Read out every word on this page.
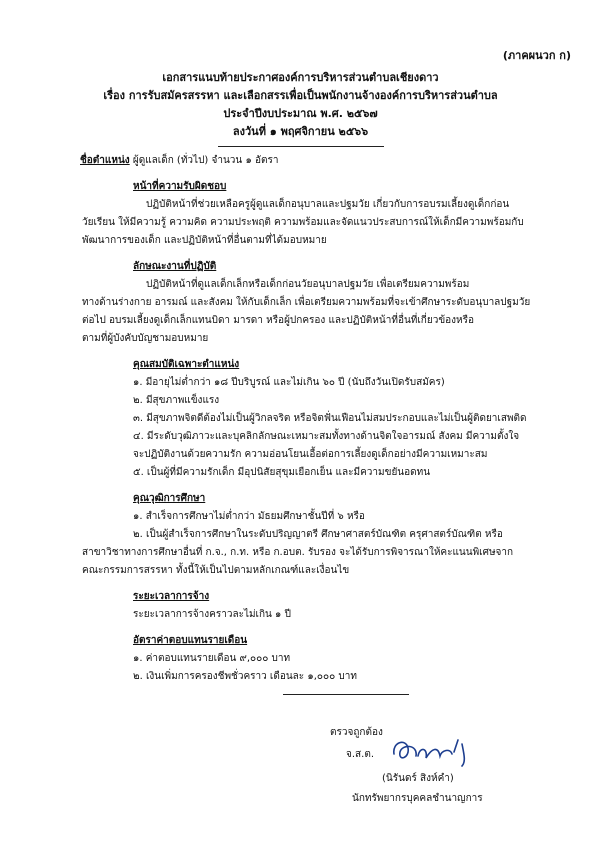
(ภาคผนวก ก)
เอกสารแนบท้ายประกาศองค์การบริหารส่วนตำบลเชียงดาว
เรื่อง การรับสมัครสรรหา และเลือกสรรเพื่อเป็นพนักงานจ้างองค์การบริหารส่วนตำบล
ประจำปีงบประมาณ พ.ศ. ๒๕๖๗
ลงวันที่ ๑ พฤศจิกายน ๒๕๖๖
ชื่อตำแหน่ง ผู้ดูแลเด็ก (ทั่วไป) จำนวน ๑ อัตรา
หน้าที่ความรับผิดชอบ
ปฏิบัติหน้าที่ช่วยเหลือครูผู้ดูแลเด็กอนุบาลและปฐมวัย เกี่ยวกับการอบรมเลี้ยงดูเด็กก่อน
วัยเรียน ให้มีความรู้ ความคิด ความประพฤติ ความพร้อมและจัดแนวประสบการณ์ให้เด็กมีความพร้อมกับ
พัฒนาการของเด็ก และปฏิบัติหน้าที่อื่นตามที่ได้มอบหมาย
ลักษณะงานที่ปฏิบัติ
ปฏิบัติหน้าที่ดูแลเด็กเล็กหรือเด็กก่อนวัยอนุบาลปฐมวัย เพื่อเตรียมความพร้อม
ทางด้านร่างกาย อารมณ์ และสังคม ให้กับเด็กเล็ก เพื่อเตรียมความพร้อมที่จะเข้าศึกษาระดับอนุบาลปฐมวัย
ต่อไป อบรมเลี้ยงดูเด็กเล็กแทนบิดา มารดา หรือผู้ปกครอง และปฏิบัติหน้าที่อื่นที่เกี่ยวข้องหรือ
ตามที่ผู้บังคับบัญชามอบหมาย
คุณสมบัติเฉพาะตำแหน่ง
๑. มีอายุไม่ต่ำกว่า ๑๘ ปีบริบูรณ์ และไม่เกิน ๖๐ ปี (นับถึงวันเปิดรับสมัคร)
๒. มีสุขภาพแข็งแรง
๓. มีสุขภาพจิตดีต้องไม่เป็นผู้วิกลจริต หรือจิตฟั่นเฟือนไม่สมประกอบและไม่เป็นผู้ติดยาเสพติด
๔. มีระดับวุฒิภาวะและบุคลิกลักษณะเหมาะสมทั้งทางด้านจิตใจอารมณ์ สังคม มีความตั้งใจ
จะปฏิบัติงานด้วยความรัก ความอ่อนโยนเอื้อต่อการเลี้ยงดูเด็กอย่างมีความเหมาะสม
๕. เป็นผู้ที่มีความรักเด็ก มีอุปนิสัยสุขุมเยือกเย็น และมีความขยันอดทน
คุณวุฒิการศึกษา
๑. สำเร็จการศึกษาไม่ต่ำกว่า มัธยมศึกษาชั้นปีที่ ๖ หรือ
๒. เป็นผู้สำเร็จการศึกษาในระดับปริญญาตรี ศึกษาศาสตร์บัณฑิต ครุศาสตร์บัณฑิต หรือ
สาขาวิชาทางการศึกษาอื่นที่ ก.จ., ก.ท. หรือ ก.อบต. รับรอง จะได้รับการพิจารณาให้คะแนนพิเศษจาก
คณะกรรมการสรรหา ทั้งนี้ให้เป็นไปตามหลักเกณฑ์และเงื่อนไข
ระยะเวลาการจ้าง
ระยะเวลาการจ้างคราวละไม่เกิน ๑ ปี
อัตราค่าตอบแทนรายเดือน
๑. ค่าตอบแทนรายเดือน ๙,๐๐๐ บาท
๒. เงินเพิ่มการครองชีพชั่วคราว เดือนละ ๑,๐๐๐ บาท
ตรวจถูกต้อง
จ.ส.ต.
(นิรันดร์ สิงห์คำ)
นักทรัพยากรบุคคลชำนาญการ
